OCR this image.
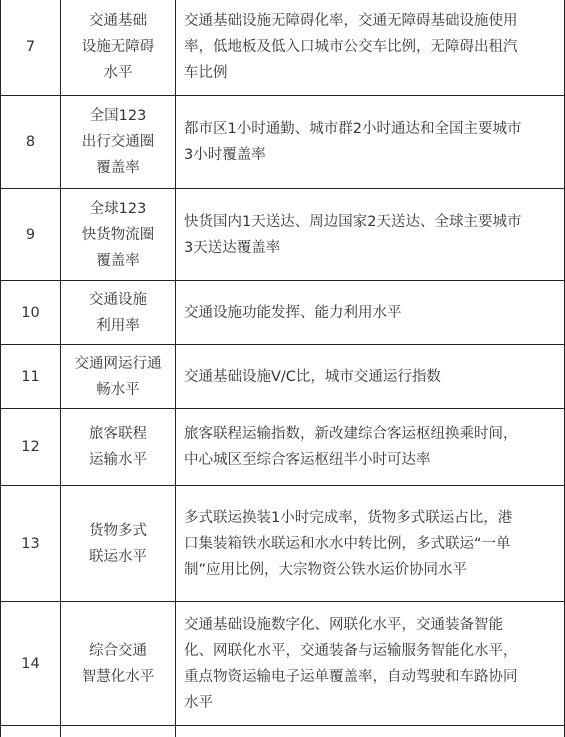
7	交通基础
设施无障碍
水平	交通基础设施无障碍化率，交通无障碍基础设施使用
率，低地板及低入口城市公交车比例，无障碍出租汽
车比例

8	全国123
出行交通圈
覆盖率	都市区1小时通勤、城市群2小时通达和全国主要城市
3小时覆盖率

9	全球123
快货物流圈
覆盖率	快货国内1天送达、周边国家2天送达、全球主要城市
3天送达覆盖率

10	交通设施
利用率	交通设施功能发挥、能力利用水平

11	交通网运行通
畅水平	交通基础设施V/C比，城市交通运行指数

12	旅客联程
运输水平	旅客联程运输指数，新改建综合客运枢纽换乘时间，
中心城区至综合客运枢纽半小时可达率

13	货物多式
联运水平	多式联运换装1小时完成率，货物多式联运占比，港
口集装箱铁水联运和水水中转比例，多式联运“一单
制”应用比例，大宗物资公铁水运价协同水平

14	综合交通
智慧化水平	交通基础设施数字化、网联化水平，交通装备智能
化、网联化水平，交通装备与运输服务智能化水平，
重点物资运输电子运单覆盖率，自动驾驶和车路协同
水平
